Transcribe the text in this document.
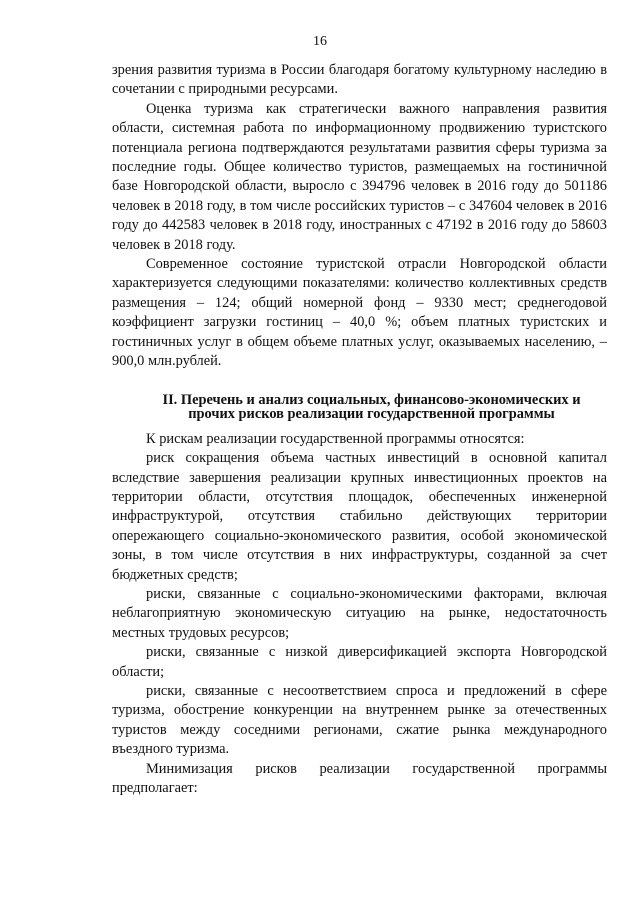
16

зрения развития туризма в России благодаря богатому культурному наследию в сочетании с природными ресурсами.

Оценка туризма как стратегически важного направления развития области, системная работа по информационному продвижению туристского потенциала региона подтверждаются результатами развития сферы туризма за последние годы. Общее количество туристов, размещаемых на гостиничной базе Новгородской области, выросло с 394796 человек в 2016 году до 501186 человек в 2018 году, в том числе российских туристов – с 347604 человек в 2016 году до 442583 человек в 2018 году, иностранных с 47192 в 2016 году до 58603 человек в 2018 году.

Современное состояние туристской отрасли Новгородской области характеризуется следующими показателями: количество коллективных средств размещения – 124; общий номерной фонд – 9330 мест; среднегодовой коэффициент загрузки гостиниц – 40,0 %; объем платных туристских и гостиничных услуг в общем объеме платных услуг, оказываемых населению, – 900,0 млн.рублей.

II. Перечень и анализ социальных, финансово-экономических и
прочих рисков реализации государственной программы

К рискам реализации государственной программы относятся:

риск сокращения объема частных инвестиций в основной капитал вследствие завершения реализации крупных инвестиционных проектов на территории области, отсутствия площадок, обеспеченных инженерной инфраструктурой, отсутствия стабильно действующих территории опережающего социально-экономического развития, особой экономической зоны, в том числе отсутствия в них инфраструктуры, созданной за счет бюджетных средств;

риски, связанные с социально-экономическими факторами, включая неблагоприятную экономическую ситуацию на рынке, недостаточность местных трудовых ресурсов;

риски, связанные с низкой диверсификацией экспорта Новгородской области;

риски, связанные с несоответствием спроса и предложений в сфере туризма, обострение конкуренции на внутреннем рынке за отечественных туристов между соседними регионами, сжатие рынка международного въездного туризма.

Минимизация рисков реализации государственной программы предполагает:
